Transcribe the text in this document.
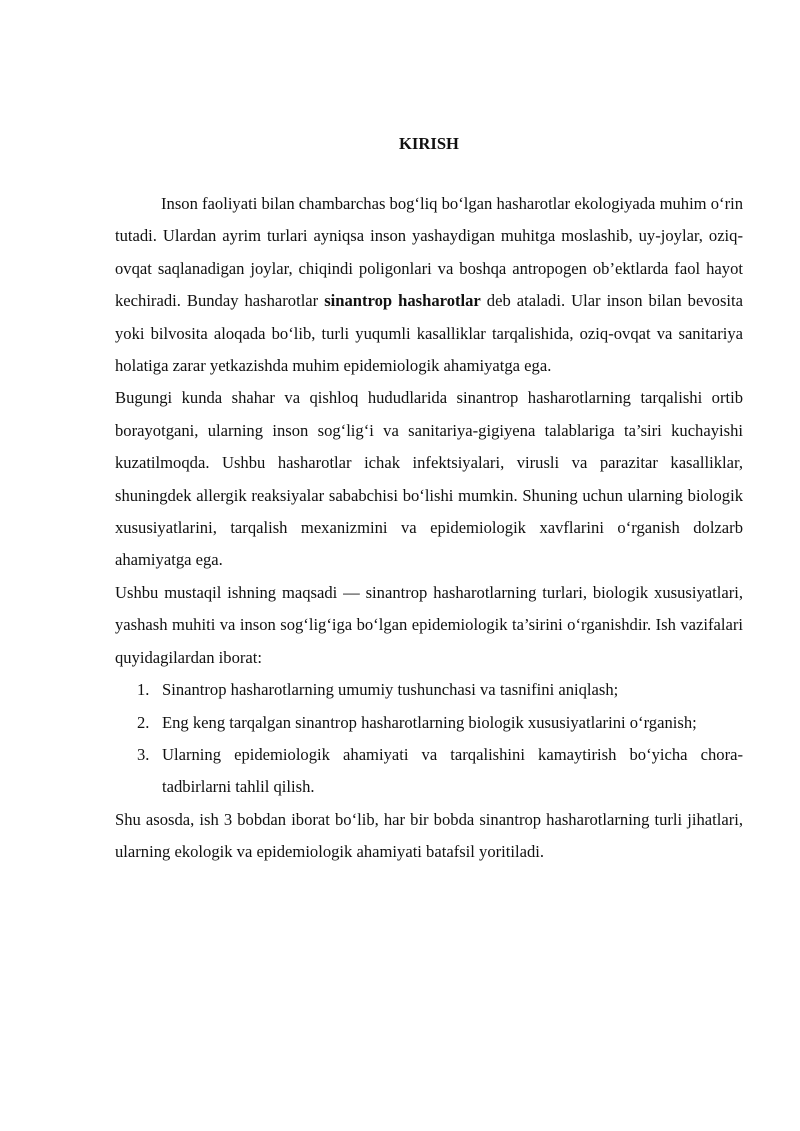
KIRISH

Inson faoliyati bilan chambarchas bog‘liq bo‘lgan hasharotlar ekologiyada muhim o‘rin tutadi. Ulardan ayrim turlari ayniqsa inson yashaydigan muhitga moslashib, uy-joylar, oziq-ovqat saqlanadigan joylar, chiqindi poligonlari va boshqa antropogen ob’ektlarda faol hayot kechiradi. Bunday hasharotlar sinantrop hasharotlar deb ataladi. Ular inson bilan bevosita yoki bilvosita aloqada bo‘lib, turli yuqumli kasalliklar tarqalishida, oziq-ovqat va sanitariya holatiga zarar yetkazishda muhim epidemiologik ahamiyatga ega.

Bugungi kunda shahar va qishloq hududlarida sinantrop hasharotlarning tarqalishi ortib borayotgani, ularning inson sog‘lig‘i va sanitariya-gigiyena talablariga ta’siri kuchayishi kuzatilmoqda. Ushbu hasharotlar ichak infektsiyalari, virusli va parazitar kasalliklar, shuningdek allergik reaksiyalar sababchisi bo‘lishi mumkin. Shuning uchun ularning biologik xususiyatlarini, tarqalish mexanizmini va epidemiologik xavflarini o‘rganish dolzarb ahamiyatga ega.

Ushbu mustaqil ishning maqsadi — sinantrop hasharotlarning turlari, biologik xususiyatlari, yashash muhiti va inson sog‘lig‘iga bo‘lgan epidemiologik ta’sirini o‘rganishdir. Ish vazifalari quyidagilardan iborat:

1. Sinantrop hasharotlarning umumiy tushunchasi va tasnifini aniqlash;
2. Eng keng tarqalgan sinantrop hasharotlarning biologik xususiyatlarini o‘rganish;
3. Ularning epidemiologik ahamiyati va tarqalishini kamaytirish bo‘yicha chora-tadbirlarni tahlil qilish.

Shu asosda, ish 3 bobdan iborat bo‘lib, har bir bobda sinantrop hasharotlarning turli jihatlari, ularning ekologik va epidemiologik ahamiyati batafsil yoritiladi.
